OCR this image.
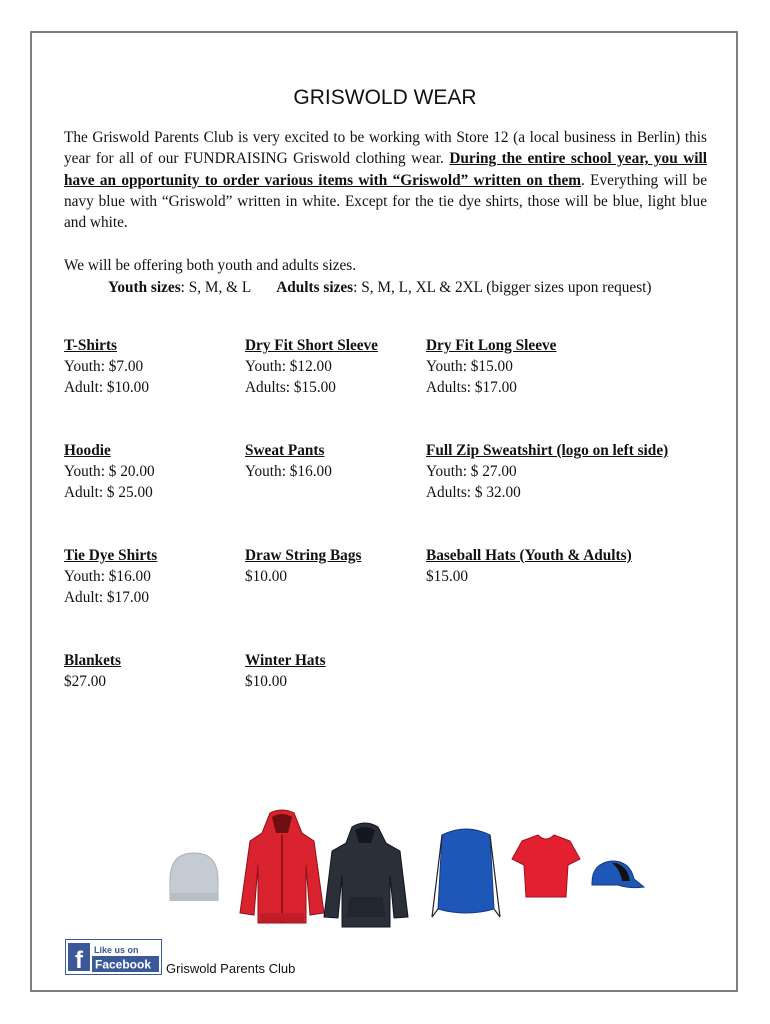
GRISWOLD WEAR

The Griswold Parents Club is very excited to be working with Store 12 (a local business in Berlin) this year for all of our FUNDRAISING Griswold clothing wear. During the entire school year, you will have an opportunity to order various items with “Griswold” written on them. Everything will be navy blue with “Griswold” written in white. Except for the tie dye shirts, those will be blue, light blue and white.

We will be offering both youth and adults sizes.

Youth sizes: S, M, & L Adults sizes: S, M, L, XL & 2XL (bigger sizes upon request)

T-Shirts
Youth: $7.00
Adult: $10.00
Dry Fit Short Sleeve
Youth: $12.00
Adults: $15.00
Dry Fit Long Sleeve
Youth: $15.00
Adults: $17.00
Hoodie
Youth: $ 20.00
Adult: $ 25.00
Sweat Pants
Youth: $16.00
Full Zip Sweatshirt (logo on left side)
Youth: $ 27.00
Adults: $ 32.00
Tie Dye Shirts
Youth: $16.00
Adult: $17.00
Draw String Bags
$10.00
Baseball Hats (Youth & Adults)
$15.00
Blankets
$27.00
Winter Hats
$10.00
f Like us on
Facebook Griswold Parents Club
